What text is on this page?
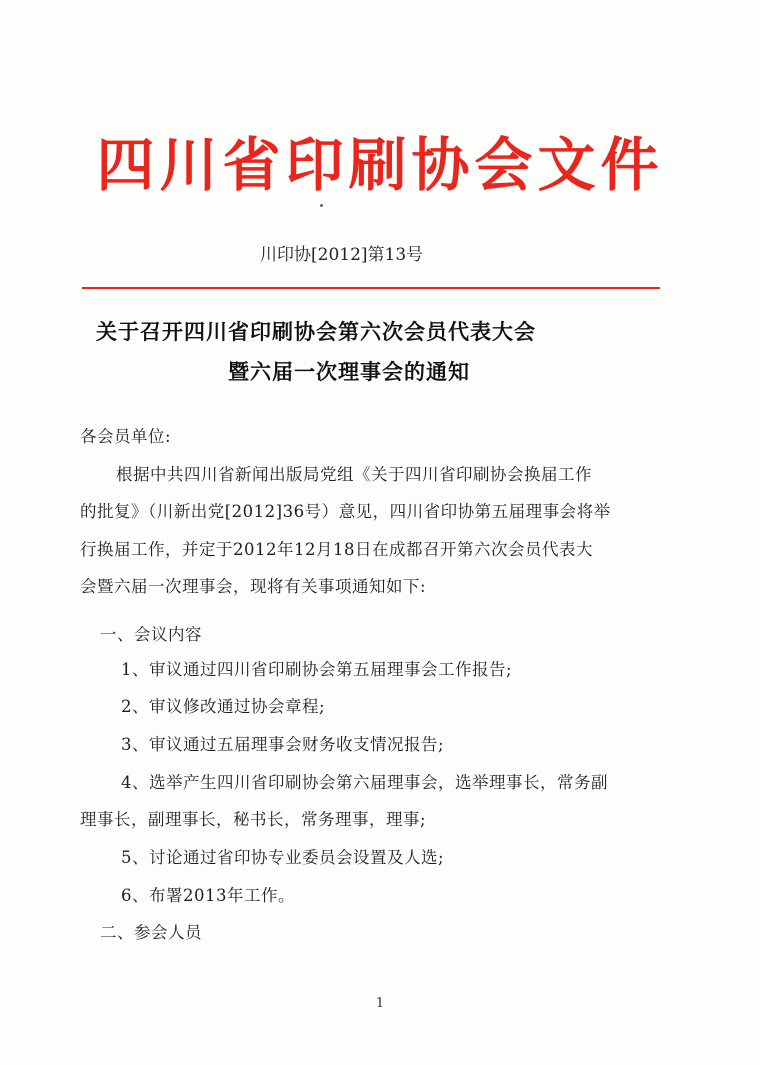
四川省印刷协会文件

川印协[2012]第13号

关于召开四川省印刷协会第六次会员代表大会
暨六届一次理事会的通知

各会员单位:

根据中共四川省新闻出版局党组《关于四川省印刷协会换届工作

的批复》（川新出党[2012]36号）意见，四川省印协第五届理事会将举

行换届工作，并定于2012年12月18日在成都召开第六次会员代表大

会暨六届一次理事会，现将有关事项通知如下:

一、会议内容

1、审议通过四川省印刷协会第五届理事会工作报告;

2、审议修改通过协会章程;

3、审议通过五届理事会财务收支情况报告;

4、选举产生四川省印刷协会第六届理事会，选举理事长，常务副

理事长，副理事长，秘书长，常务理事，理事;

5、讨论通过省印协专业委员会设置及人选;

6、布署2013年工作。

二、参会人员

1
